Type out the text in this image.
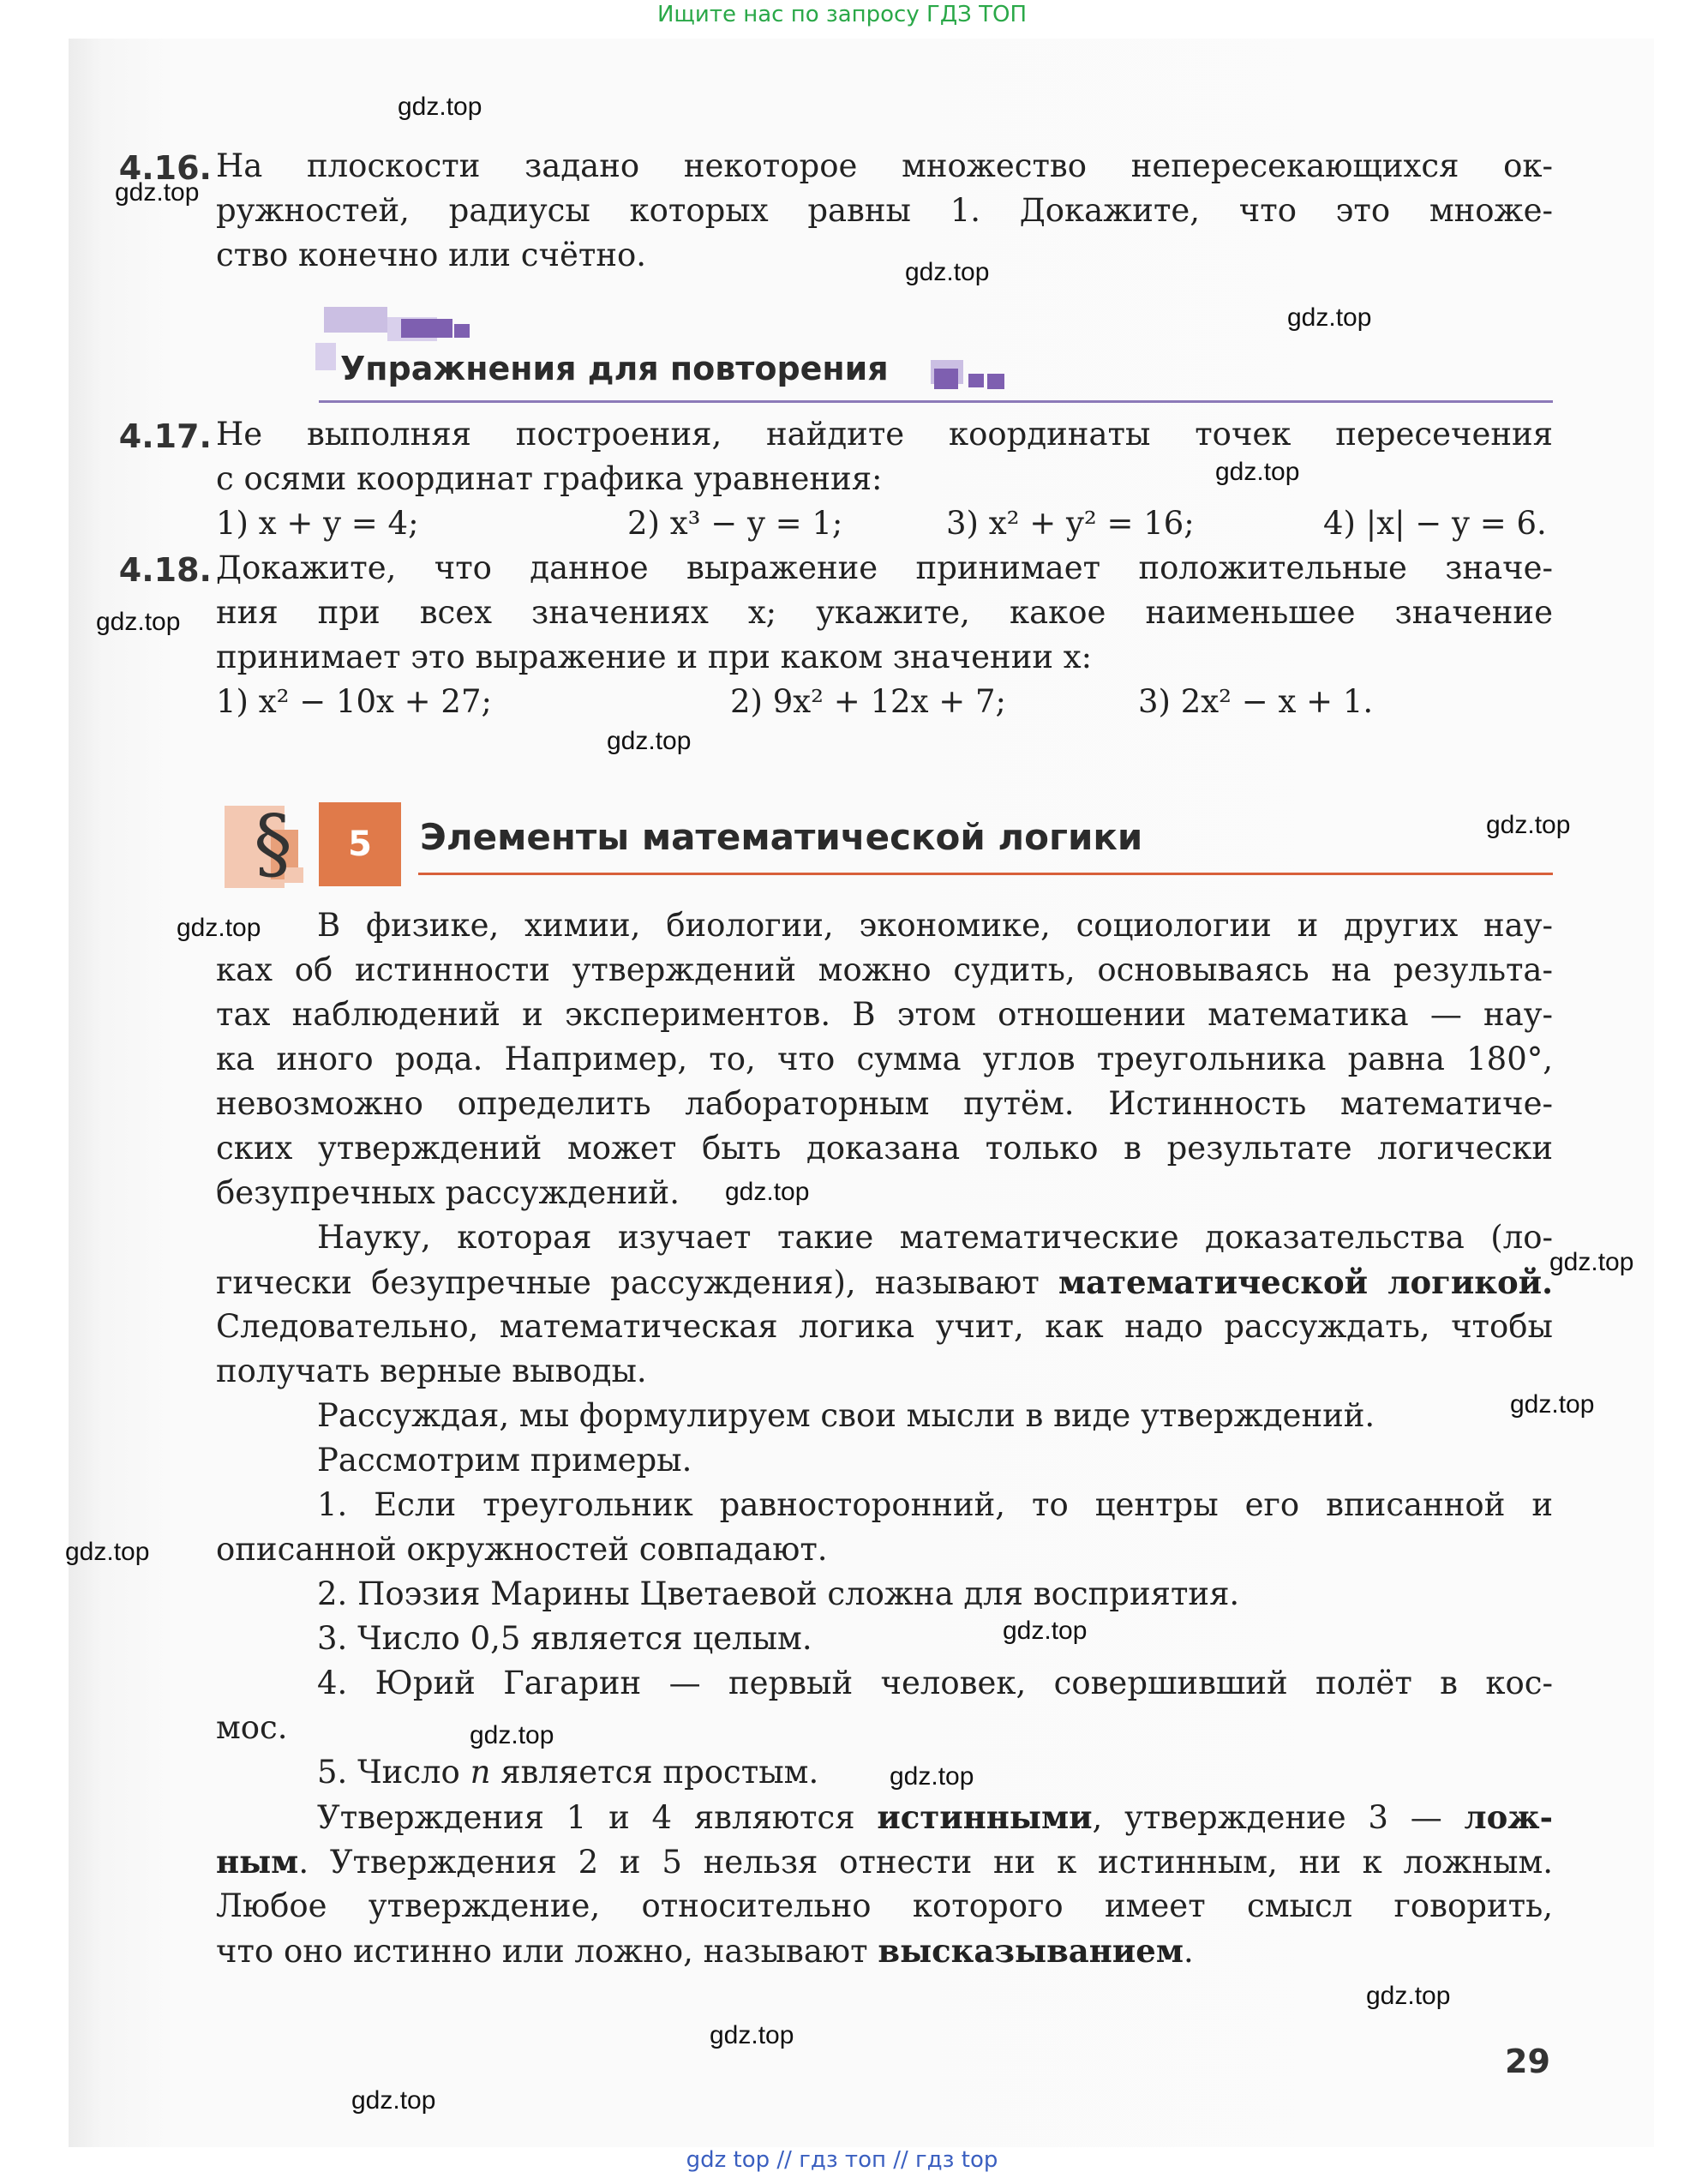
Ищите нас по запросу ГДЗ ТОП
4.16. На плоскости задано некоторое множество непересекающихся ок-
ружностей, радиусы которых равны 1. Докажите, что это множе-
ство конечно или счётно.
Упражнения для повторения
4.17. Не выполняя построения, найдите координаты точек пересечения
с осями координат графика уравнения:
1) x + y = 4;	2) x³ − y = 1;	3) x² + y² = 16;	4) |x| − y = 6.
4.18. Докажите, что данное выражение принимает положительные значе-
ния при всех значениях x; укажите, какое наименьшее значение
принимает это выражение и при каком значении x:
1) x² − 10x + 27;	2) 9x² + 12x + 7;	3) 2x² − x + 1.
§	5	Элементы математической логики
В физике, химии, биологии, экономике, социологии и других нау-
ках об истинности утверждений можно судить, основываясь на результа-
тах наблюдений и экспериментов. В этом отношении математика — нау-
ка иного рода. Например, то, что сумма углов треугольника равна 180°,
невозможно определить лабораторным путём. Истинность математиче-
ских утверждений может быть доказана только в результате логически
безупречных рассуждений.
Науку, которая изучает такие математические доказательства (ло-
гически безупречные рассуждения), называют математической логикой.
Следовательно, математическая логика учит, как надо рассуждать, чтобы
получать верные выводы.
Рассуждая, мы формулируем свои мысли в виде утверждений.
Рассмотрим примеры.
1. Если треугольник равносторонний, то центры его вписанной и
описанной окружностей совпадают.
2. Поэзия Марины Цветаевой сложна для восприятия.
3. Число 0,5 является целым.
4. Юрий Гагарин — первый человек, совершивший полёт в кос-
мос.
5. Число n является простым.
Утверждения 1 и 4 являются истинными, утверждение 3 — лож-
ным. Утверждения 2 и 5 нельзя отнести ни к истинным, ни к ложным.
Любое утверждение, относительно которого имеет смысл говорить,
что оно истинно или ложно, называют высказыванием.
29
gdz.top
gdz.top
gdz.top
gdz.top
gdz.top
gdz.top
gdz.top
gdz.top
gdz.top
gdz.top
gdz.top
gdz.top
gdz.top
gdz.top
gdz.top
gdz.top
gdz.top
gdz.top
gdz.top
gdz top // гдз топ // гдз top
